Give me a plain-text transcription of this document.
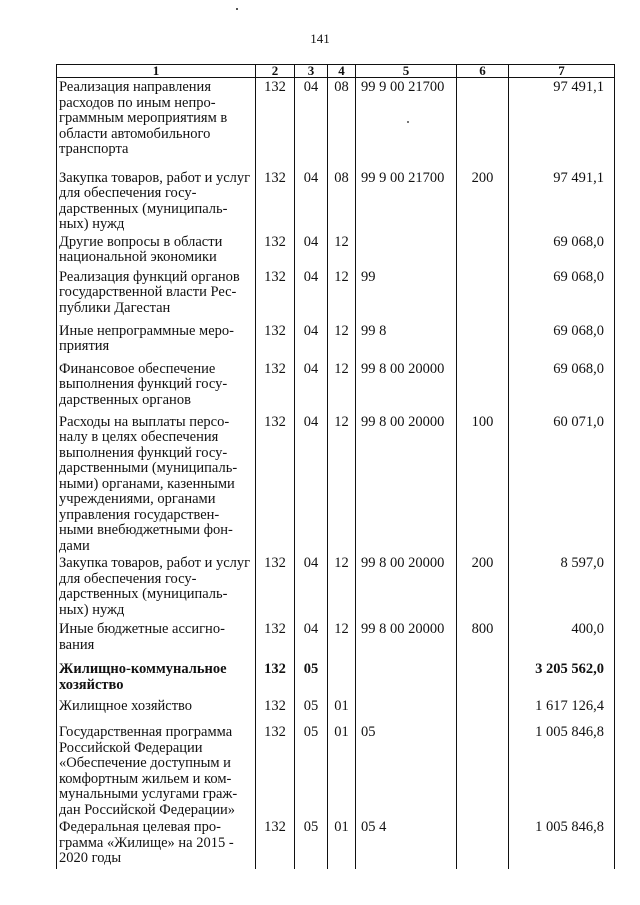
141
1	2	3	4	5	6	7
Реализация направления расходов по иным непро-граммным мероприятиям в области автомобильного транспорта	132	04	08	99 9 00 21700		97 491,1
Закупка товаров, работ и услуг для обеспечения госу-дарственных (муниципаль-ных) нужд	132	04	08	99 9 00 21700	200	97 491,1
Другие вопросы в области национальной экономики	132	04	12			69 068,0
Реализация функций органов государственной власти Рес-публики Дагестан	132	04	12	99		69 068,0
Иные непрограммные меро-приятия	132	04	12	99 8		69 068,0
Финансовое обеспечение выполнения функций госу-дарственных органов	132	04	12	99 8 00 20000		69 068,0
Расходы на выплаты персо-налу в целях обеспечения выполнения функций госу-дарственными (муниципаль-ными) органами, казенными учреждениями, органами управления государствен-ными внебюджетными фон-дами	132	04	12	99 8 00 20000	100	60 071,0
Закупка товаров, работ и услуг для обеспечения госу-дарственных (муниципаль-ных) нужд	132	04	12	99 8 00 20000	200	8 597,0
Иные бюджетные ассигно-вания	132	04	12	99 8 00 20000	800	400,0
Жилищно-коммунальное хозяйство	132	05				3 205 562,0
Жилищное хозяйство	132	05	01			1 617 126,4
Государственная программа Российской Федерации «Обеспечение доступным и комфортным жильем и ком-мунальными услугами граж-дан Российской Федерации»	132	05	01	05		1 005 846,8
Федеральная целевая про-грамма «Жилище» на 2015 - 2020 годы	132	05	01	05 4		1 005 846,8
